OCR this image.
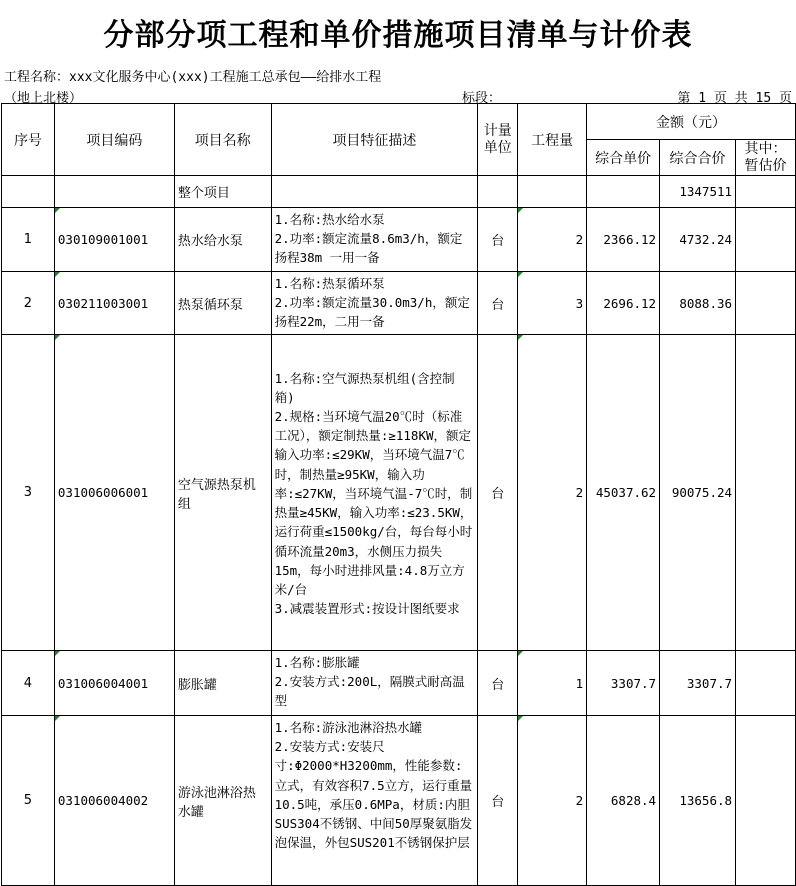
分部分项工程和单价措施项目清单与计价表
工程名称：xxx文化服务中心(xxx)工程施工总承包——给排水工程
（地上北楼）	标段：	第 1 页 共 15 页
序号	项目编码	项目名称	项目特征描述	计量
单位	工程量	金额（元）		
						综合单价	综合合价	其中：
暂估价
		整个项目					1347511	
1	030109001001	热水给水泵	1.名称:热水给水泵
2.功率:额定流量8.6m3/h，额定扬程38m 一用一备	台	2	2366.12	4732.24	
2	030211003001	热泵循环泵	1.名称:热泵循环泵
2.功率:额定流量30.0m3/h，额定扬程22m，二用一备	台	3	2696.12	8088.36	
3	031006006001	空气源热泵机组	1.名称:空气源热泵机组(含控制箱)
2.规格:当环境气温20℃时（标准工况），额定制热量:≥118KW，额定输入功率:≤29KW，当环境气温7℃时，制热量≥95KW，输入功率:≤27KW，当环境气温-7℃时，制热量≥45KW，输入功率:≤23.5KW，运行荷重≤1500kg/台，每台每小时循环流量20m3，水侧压力损失15m，每小时进排风量:4.8万立方米/台
3.减震装置形式:按设计图纸要求	台	2	45037.62	90075.24	
4	031006004001	膨胀罐	1.名称:膨胀罐
2.安装方式:200L，隔膜式耐高温型	台	1	3307.7	3307.7	
5	031006004002	游泳池淋浴热水罐	1.名称:游泳池淋浴热水罐
2.安装方式:安装尺寸:Φ2000*H3200mm，性能参数:立式，有效容积7.5立方，运行重量10.5吨，承压0.6MPa，材质:内胆SUS304不锈钢、中间50厚聚氨脂发泡保温，外包SUS201不锈钢保护层	台	2	6828.4	13656.8	
